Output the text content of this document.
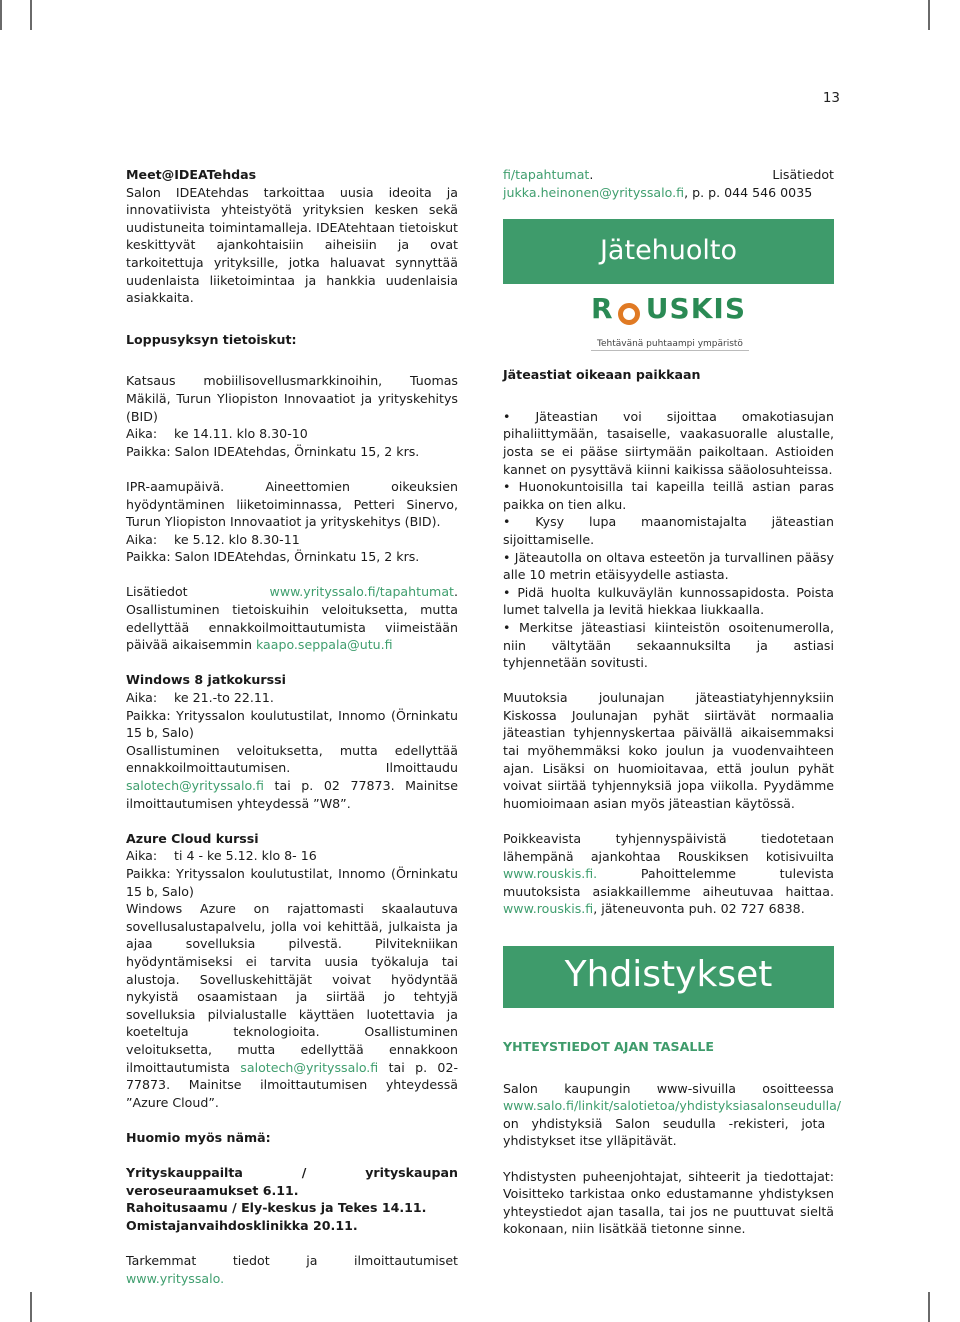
13

Meet@IDEATehdas

Salon IDEAtehdas tarkoittaa uusia ideoita ja innovatiivista yhteistyötä yrityksien kesken sekä uudistuneita toimintamalleja. IDEAtehtaan tietoiskut keskittyvät ajankohtaisiin aiheisiin ja ovat tarkoitettuja yrityksille, jotka haluavat synnyttää uudenlaista liiketoimintaa ja hankkia uudenlaisia asiakkaita.

Loppusyksyn tietoiskut:

Katsaus mobiilisovellusmarkkinoihin, Tuomas Mäkilä, Turun Yliopiston Innovaatiot ja yrityskehitys (BID)

Aika: ke 14.11. klo 8.30-10

Paikka: Salon IDEAtehdas, Örninkatu 15, 2 krs.

IPR-aamupäivä. Aineettomien oikeuksien hyödyntäminen liiketoiminnassa, Petteri Sinervo, Turun Yliopiston Innovaatiot ja yrityskehitys (BID).

Aika: ke 5.12. klo 8.30-11

Paikka: Salon IDEAtehdas, Örninkatu 15, 2 krs.

Lisätiedot www.yrityssalo.fi/tapahtumat. Osallistuminen tietoiskuihin veloituksetta, mutta edellyttää ennakkoilmoittautumista viimeistään päivää aikaisemmin kaapo.seppala@utu.fi

Windows 8 jatkokurssi

Aika: ke 21.-to 22.11.

Paikka: Yrityssalon koulutustilat, Innomo (Örninkatu 15 b, Salo)

Osallistuminen veloituksetta, mutta edellyttää ennakkoilmoittautumisen. Ilmoittaudu salotech@yrityssalo.fi tai p. 02 77873. Mainitse ilmoittautumisen yhteydessä ”W8”.

Azure Cloud kurssi

Aika: ti 4 - ke 5.12. klo 8- 16

Paikka: Yrityssalon koulutustilat, Innomo (Örninkatu 15 b, Salo)

Windows Azure on rajattomasti skaalautuva sovellusalustapalvelu, jolla voi kehittää, julkaista ja ajaa sovelluksia pilvestä. Pilvitekniikan hyödyntämiseksi ei tarvita uusia työkaluja tai alustoja. Sovelluskehittäjät voivat hyödyntää nykyistä osaamistaan ja siirtää jo tehtyjä sovelluksia pilvialustalle käyttäen luotettavia ja koeteltuja teknologioita. Osallistuminen veloituksetta, mutta edellyttää ennakkoon ilmoittautumista salotech@yrityssalo.fi tai p. 02-77873. Mainitse ilmoittautumisen yhteydessä ”Azure Cloud”.

Huomio myös nämä:

Yrityskauppailta / yrityskaupan veroseuraamukset 6.11.

Rahoitusaamu / Ely-keskus ja Tekes 14.11.

Omistajanvaihdosklinikka 20.11.

Tarkemmat tiedot ja ilmoittautumiset www.yrityssalo.

fi/tapahtumat. Lisätiedot jukka.heinonen@yrityssalo.fi, p. p. 044 546 0035

Jätehuolto
R   USKIS
Tehtävänä puhtaampi ympäristö

Jäteastiat oikeaan paikkaan

• Jäteastian voi sijoittaa omakotiasujan pihaliittymään, tasaiselle, vaakasuoralle alustalle, josta se ei pääse siirtymään paikoltaan. Astioiden kannet on pysyttävä kiinni kaikissa sääolosuhteissa.
• Huonokuntoisilla tai kapeilla teillä astian paras paikka on tien alku.
• Kysy lupa maanomistajalta jäteastian sijoittamiselle.
• Jäteautolla on oltava esteetön ja turvallinen pääsy alle 10 metrin etäisyydelle astiasta.
• Pidä huolta kulkuväylän kunnossapidosta. Poista lumet talvella ja levitä hiekkaa liukkaalla.
• Merkitse jäteastiasi kiinteistön osoitenumerolla, niin vältytään sekaannuksilta ja astiasi tyhjennetään sovitusti.

Muutoksia joulunajan jäteastiatyhjennyksiin Kiskossa Joulunajan pyhät siirtävät normaalia jäteastian tyhjennyskertaa päivällä aikaisemmaksi tai myöhemmäksi koko joulun ja vuodenvaihteen ajan. Lisäksi on huomioitavaa, että joulun pyhät voivat siirtää tyhjennyksiä jopa viikolla. Pyydämme huomioimaan asian myös jäteastian käytössä.

Poikkeavista tyhjennyspäivistä tiedotetaan lähempänä ajankohtaa Rouskiksen kotisivuilta www.rouskis.fi. Pahoittelemme tulevista muutoksista asiakkaillemme aiheutuvaa haittaa. www.rouskis.fi, jäteneuvonta puh. 02 727 6838.

Yhdistykset

YHTEYSTIEDOT AJAN TASALLE

Salon kaupungin www-sivuilla osoitteessa www.salo.fi/linkit/salotietoa/yhdistyksiasalonseudulla/ on yhdistyksiä Salon seudulla -rekisteri, jota yhdistykset itse ylläpitävät.

Yhdistysten puheenjohtajat, sihteerit ja tiedottajat: Voisitteko tarkistaa onko edustamanne yhdistyksen yhteystiedot ajan tasalla, tai jos ne puuttuvat sieltä kokonaan, niin lisätkää tietonne sinne.
